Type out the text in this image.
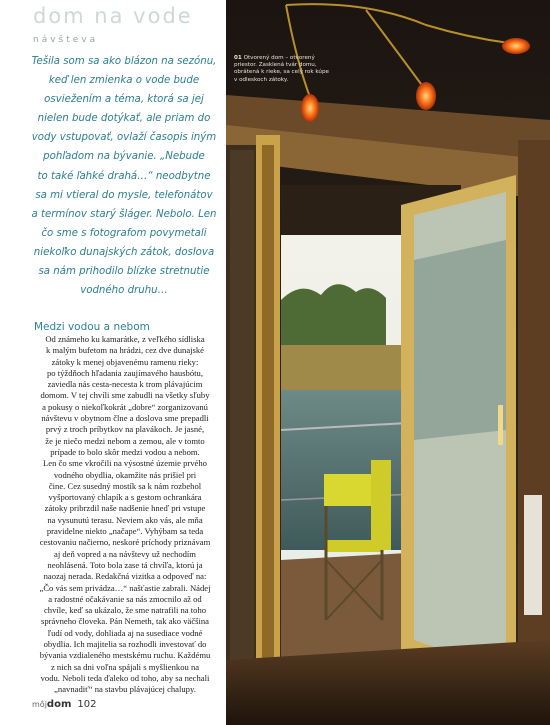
dom na vode
návšteva
Tešila som sa ako blázon na sezónu,
keď len zmienka o vode bude
osviežením a téma, ktorá sa jej
nielen bude dotýkať, ale priam do
vody vstupovať, ovlaží časopis iným
pohľadom na bývanie. „Nebude
to také ľahké drahá…“ neodbytne
sa mi vtieral do mysle, telefonátov
a termínov starý šláger. Nebolo. Len
čo sme s fotografom povymetali
niekoľko dunajských zátok, doslova
sa nám prihodilo blízke stretnutie
vodného druhu…
Medzi vodou a nebom
Od známeho ku kamarátke, z veľkého sídliska
k malým bufetom na hrádzi, cez dve dunajské
zátoky k menej objavenému ramenu rieky:
po týždňoch hľadania zaujímavého hausbótu,
zaviedla nás cesta-necesta k trom plávajúcim
domom. V tej chvíli sme zabudli na všetky sľuby
a pokusy o niekoľkokrát „dobre“ zorganizovanú
návštevu v obytnom člne a doslova sme prepadli
prvý z troch príbytkov na plavákoch. Je jasné,
že je niečo medzi nebom a zemou, ale v tomto
prípade to bolo skôr medzi vodou a nebom.
Len čo sme vkročili na výsostné územie prvého
vodného obydlia, okamžite nás prišiel pri
čine. Cez susedný mostík sa k nám rozbehol
vyšportovaný chlapík a s gestom ochrankára
zátoky pribrzdil naše nadšenie hneď pri vstupe
na vysunutú terasu. Neviem ako vás, ale mňa
pravidelne niekto „načape“. Vyhýbam sa teda
cestovaniu načierno, neskoré príchody priznávam
aj deň vopred a na návštevy už nechodím
neohlásená. Toto bola zase tá chvíľa, ktorú ja
naozaj nerada. Redakčná vizitka a odpoveď na:
„Čo vás sem privádza…“ našťastie zabrali. Nádej
a radostné očakávanie sa nás zmocnilo až od
chvíle, keď sa ukázalo, že sme natrafili na toho
správneho človeka. Pán Nemeth, tak ako väčšina
ľudí od vody, dohliada aj na susediace vodné
obydlia. Ich majitelia sa rozhodli investovať do
bývania vzdialeného mestskému ruchu. Každému
z nich sa dni voľna spájali s myšlienkou na
vodu. Neboli teda ďaleko od toho, aby sa nechali
„navnadiť“ na stavbu plávajúcej chalupy.
môjdom 102
01 Otvorený dom – otvorený priestor. Zasklená tvár domu, obrátená k rieke, sa celý rok kúpe v odleskoch zátoky.
